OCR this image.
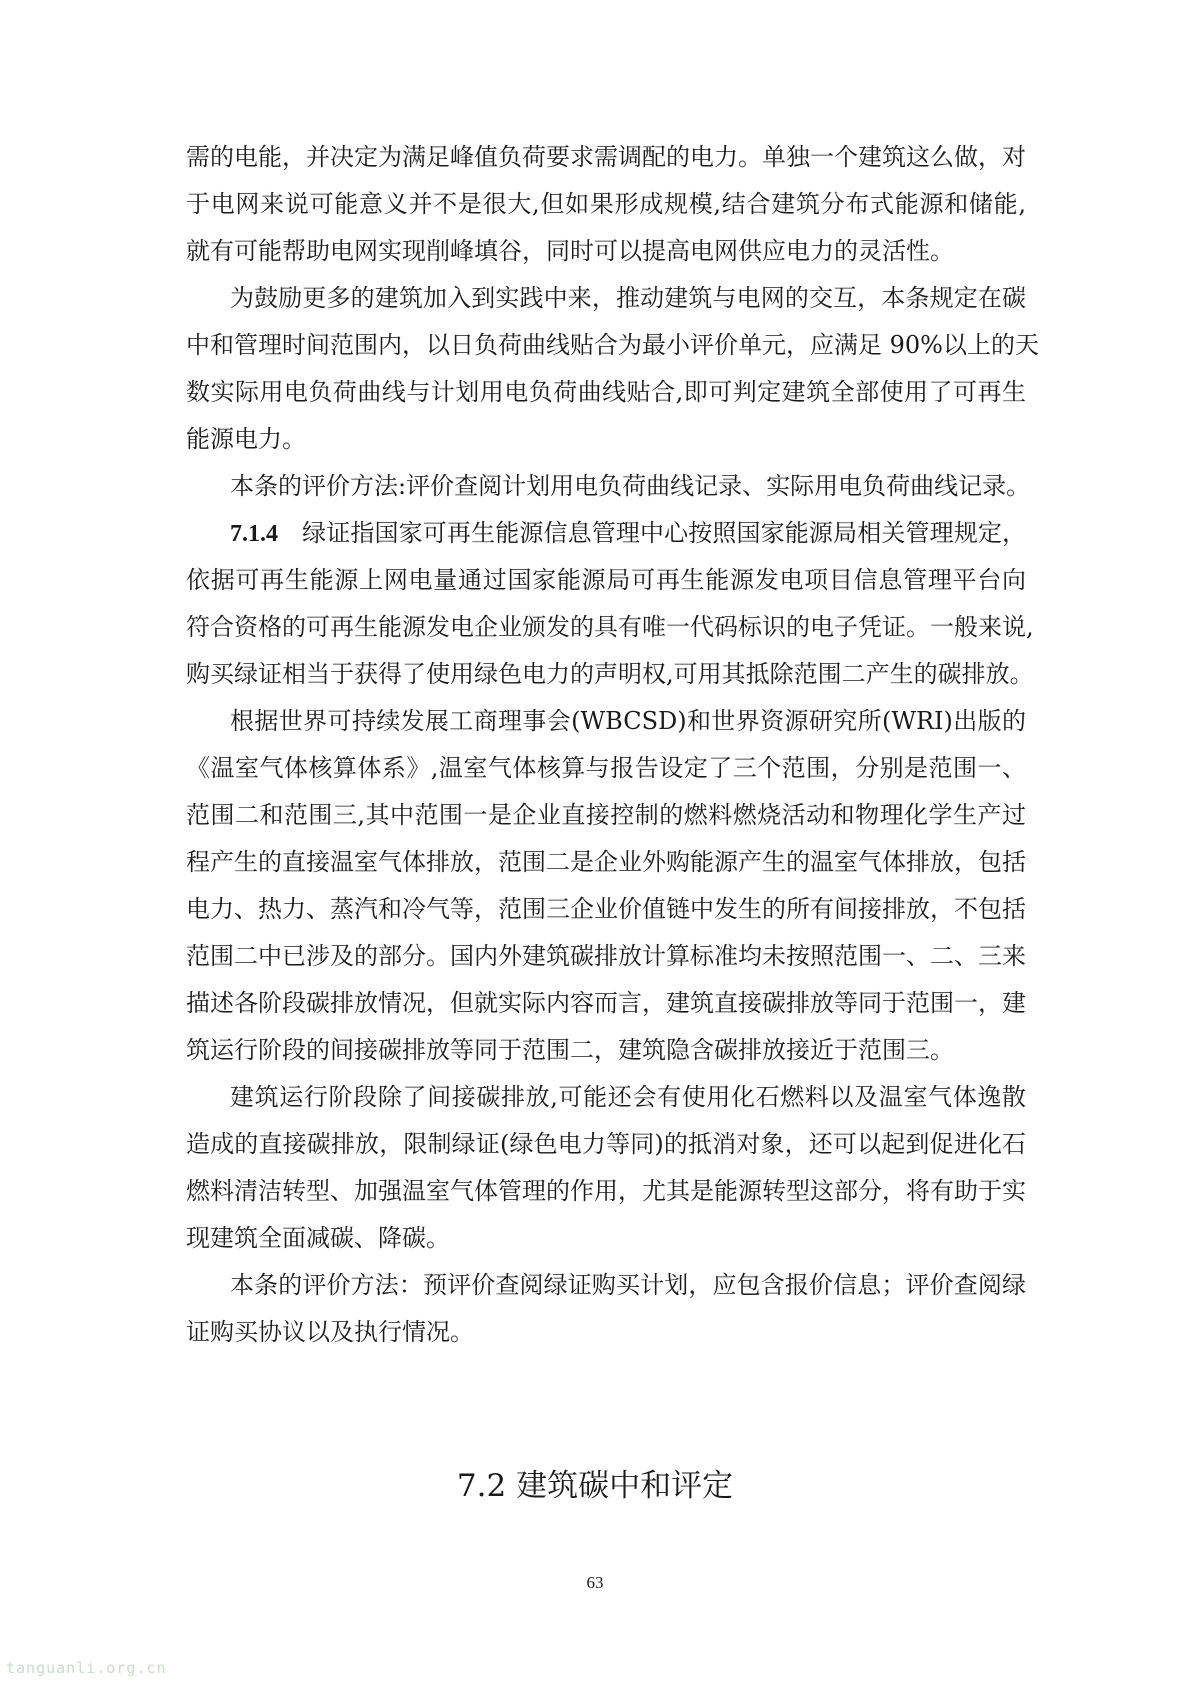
需的电能，并决定为满足峰值负荷要求需调配的电力。单独一个建筑这么做，对
于电网来说可能意义并不是很大,但如果形成规模,结合建筑分布式能源和储能,
就有可能帮助电网实现削峰填谷，同时可以提高电网供应电力的灵活性。
为鼓励更多的建筑加入到实践中来，推动建筑与电网的交互，本条规定在碳
中和管理时间范围内，以日负荷曲线贴合为最小评价单元，应满足 90%以上的天
数实际用电负荷曲线与计划用电负荷曲线贴合,即可判定建筑全部使用了可再生
能源电力。
本条的评价方法:评价查阅计划用电负荷曲线记录、实际用电负荷曲线记录。
7.1.4 绿证指国家可再生能源信息管理中心按照国家能源局相关管理规定，
依据可再生能源上网电量通过国家能源局可再生能源发电项目信息管理平台向
符合资格的可再生能源发电企业颁发的具有唯一代码标识的电子凭证。一般来说,
购买绿证相当于获得了使用绿色电力的声明权,可用其抵除范围二产生的碳排放。
根据世界可持续发展工商理事会(WBCSD)和世界资源研究所(WRI)出版的
《温室气体核算体系》,温室气体核算与报告设定了三个范围，分别是范围一、
范围二和范围三,其中范围一是企业直接控制的燃料燃烧活动和物理化学生产过
程产生的直接温室气体排放，范围二是企业外购能源产生的温室气体排放，包括
电力、热力、蒸汽和冷气等，范围三企业价值链中发生的所有间接排放，不包括
范围二中已涉及的部分。国内外建筑碳排放计算标准均未按照范围一、二、三来
描述各阶段碳排放情况，但就实际内容而言，建筑直接碳排放等同于范围一，建
筑运行阶段的间接碳排放等同于范围二，建筑隐含碳排放接近于范围三。
建筑运行阶段除了间接碳排放,可能还会有使用化石燃料以及温室气体逸散
造成的直接碳排放，限制绿证(绿色电力等同)的抵消对象，还可以起到促进化石
燃料清洁转型、加强温室气体管理的作用，尤其是能源转型这部分，将有助于实
现建筑全面减碳、降碳。
本条的评价方法：预评价查阅绿证购买计划，应包含报价信息；评价查阅绿
证购买协议以及执行情况。
7.2 建筑碳中和评定
63
tanguanli.org.cn
